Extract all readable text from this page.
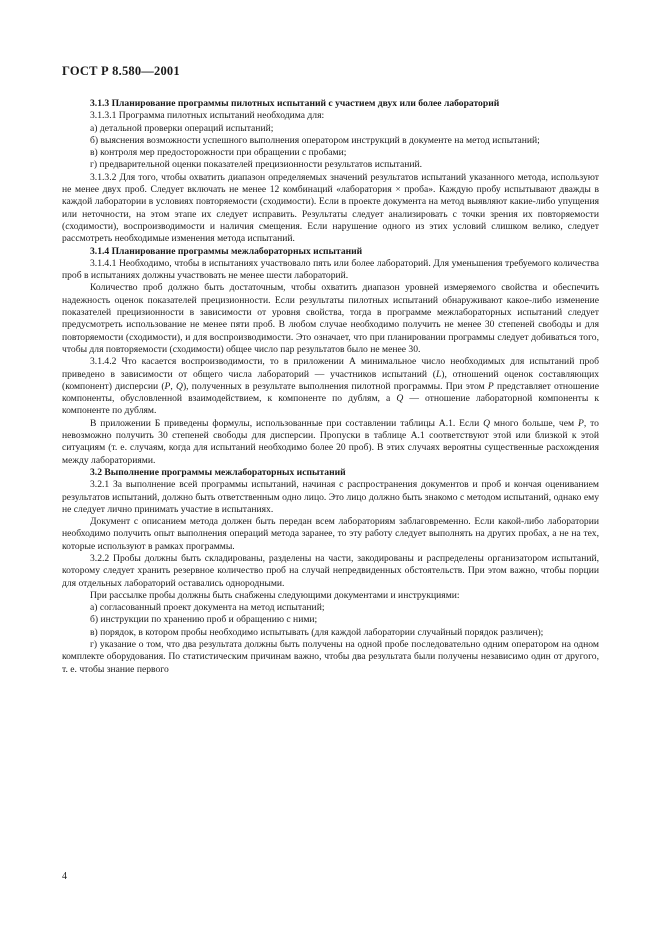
ГОСТ Р 8.580—2001

3.1.3 Планирование программы пилотных испытаний с участием двух или более лабораторий

3.1.3.1 Программа пилотных испытаний необходима для:

а) детальной проверки операций испытаний;

б) выяснения возможности успешного выполнения оператором инструкций в документе на метод испытаний;

в) контроля мер предосторожности при обращении с пробами;

г) предварительной оценки показателей прецизионности результатов испытаний.

3.1.3.2 Для того, чтобы охватить диапазон определяемых значений результатов испытаний указанного метода, используют не менее двух проб. Следует включать не менее 12 комбинаций «лаборатория × проба». Каждую пробу испытывают дважды в каждой лаборатории в условиях повторяемости (сходимости). Если в проекте документа на метод выявляют какие-либо упущения или неточности, на этом этапе их следует исправить. Результаты следует анализировать с точки зрения их повторяемости (сходимости), воспроизводимости и наличия смещения. Если нарушение одного из этих условий слишком велико, следует рассмотреть необходимые изменения метода испытаний.

3.1.4 Планирование программы межлабораторных испытаний

3.1.4.1 Необходимо, чтобы в испытаниях участвовало пять или более лабораторий. Для уменьшения требуемого количества проб в испытаниях должны участвовать не менее шести лабораторий.

Количество проб должно быть достаточным, чтобы охватить диапазон уровней измеряемого свойства и обеспечить надежность оценок показателей прецизионности. Если результаты пилотных испытаний обнаруживают какое-либо изменение показателей прецизионности в зависимости от уровня свойства, тогда в программе межлабораторных испытаний следует предусмотреть использование не менее пяти проб. В любом случае необходимо получить не менее 30 степеней свободы и для повторяемости (сходимости), и для воспроизводимости. Это означает, что при планировании программы следует добиваться того, чтобы для повторяемости (сходимости) общее число пар результатов было не менее 30.

3.1.4.2 Что касается воспроизводимости, то в приложении А минимальное число необходимых для испытаний проб приведено в зависимости от общего числа лабораторий — участников испытаний (L), отношений оценок составляющих (компонент) дисперсии (P, Q), полученных в результате выполнения пилотной программы. При этом P представляет отношение компоненты, обусловленной взаимодействием, к компоненте по дублям, а Q — отношение лабораторной компоненты к компоненте по дублям.

В приложении Б приведены формулы, использованные при составлении таблицы А.1. Если Q много больше, чем P, то невозможно получить 30 степеней свободы для дисперсии. Пропуски в таблице А.1 соответствуют этой или близкой к этой ситуациям (т. е. случаям, когда для испытаний необходимо более 20 проб). В этих случаях вероятны существенные расхождения между лабораториями.

3.2 Выполнение программы межлабораторных испытаний

3.2.1 За выполнение всей программы испытаний, начиная с распространения документов и проб и кончая оцениванием результатов испытаний, должно быть ответственным одно лицо. Это лицо должно быть знакомо с методом испытаний, однако ему не следует лично принимать участие в испытаниях.

Документ с описанием метода должен быть передан всем лабораториям заблаговременно. Если какой-либо лаборатории необходимо получить опыт выполнения операций метода заранее, то эту работу следует выполнять на других пробах, а не на тех, которые используют в рамках программы.

3.2.2 Пробы должны быть складированы, разделены на части, закодированы и распределены организатором испытаний, которому следует хранить резервное количество проб на случай непредвиденных обстоятельств. При этом важно, чтобы порции для отдельных лабораторий оставались однородными.

При рассылке пробы должны быть снабжены следующими документами и инструкциями:

а) согласованный проект документа на метод испытаний;

б) инструкции по хранению проб и обращению с ними;

в) порядок, в котором пробы необходимо испытывать (для каждой лаборатории случайный порядок различен);

г) указание о том, что два результата должны быть получены на одной пробе последовательно одним оператором на одном комплекте оборудования. По статистическим причинам важно, чтобы два результата были получены независимо один от другого, т. е. чтобы знание первого

4
